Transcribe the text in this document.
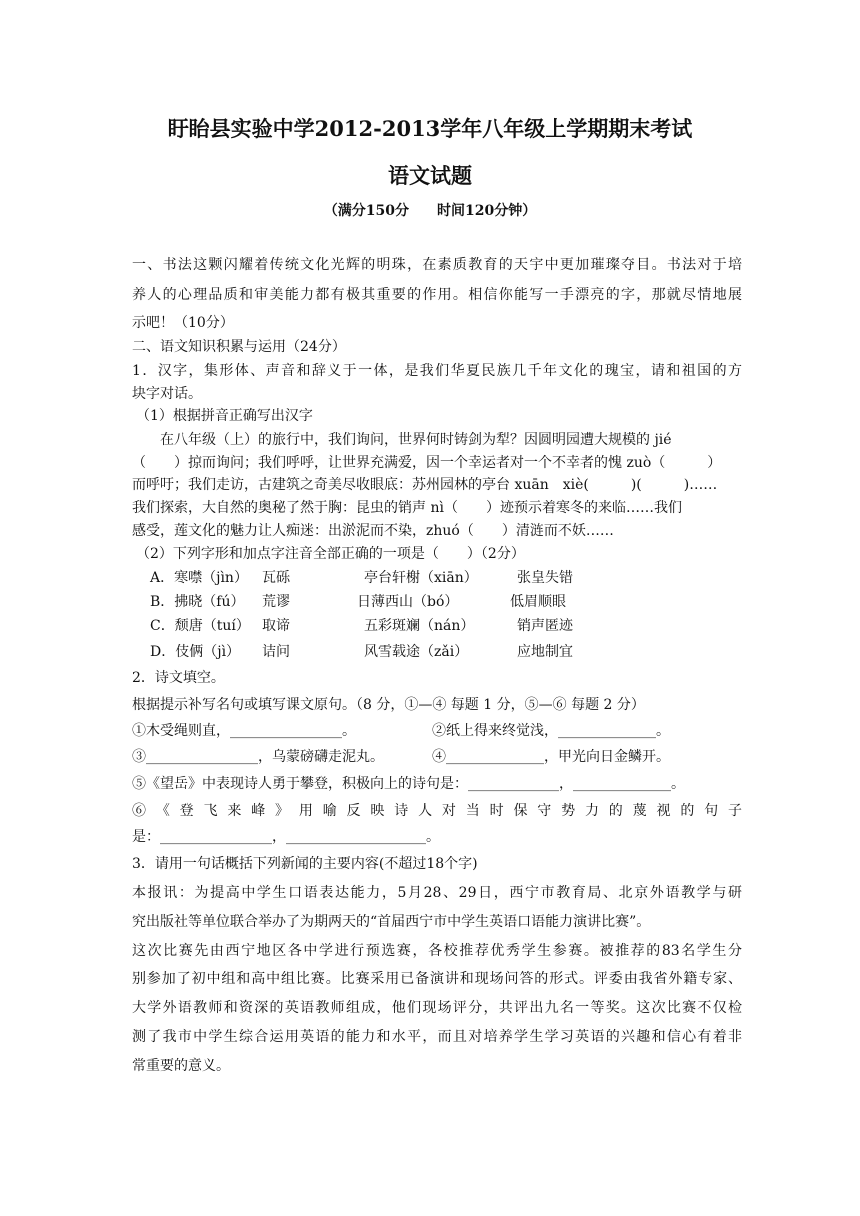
盱眙县实验中学2012-2013学年八年级上学期期末考试
语文试题
（满分150分　　时间120分钟）
一、书法这颗闪耀着传统文化光辉的明珠，在素质教育的天宇中更加璀璨夺目。书法对于培
养人的心理品质和审美能力都有极其重要的作用。相信你能写一手漂亮的字，那就尽情地展
示吧！（10分）
二、语文知识积累与运用（24分）
1．汉字，集形体、声音和辞义于一体，是我们华夏民族几千年文化的瑰宝，请和祖国的方
块字对话。
（1）根据拼音正确写出汉字
　　在八年级（上）的旅行中，我们询问，世界何时铸剑为犁？因圆明园遭大规模的 jié
（　　）掠而询问；我们呼呼，让世界充满爱，因一个幸运者对一个不幸者的愧 zuò（　　　）
而呼吁；我们走访，古建筑之奇美尽收眼底：苏州园林的亭台 xuān　xiè(　　　)(　　　)……
我们探索，大自然的奥秘了然于胸：昆虫的销声 nì（　　）迹预示着寒冬的来临……我们
感受，莲文化的魅力让人痴迷：出淤泥而不染，zhuó（　　）清涟而不妖……
（2）下列字形和加点字注音全部正确的一项是（　　）（2分）
A．寒噤（jìn） 瓦砾	亭台轩榭（xiān）	张皇失错
B．拂晓（fú） 荒谬	日薄西山（bó）	低眉顺眼
C．颓唐（tuí） 取谛	五彩斑斓（nán）	销声匿迹
D．伎俩（jì） 诘问	风雪载途（zǎi）	应地制宜
2．诗文填空。
根据提示补写名句或填写课文原句。（8 分，①—④ 每题 1 分，⑤—⑥ 每题 2 分）
①木受绳则直，________________。	②纸上得来终觉浅，______________。
③________________，乌蒙磅礴走泥丸。	④______________，甲光向日金鳞开。
⑤《望岳》中表现诗人勇于攀登，积极向上的诗句是：_____________，______________。
⑥《登飞来峰》用喻反映诗人对当时保守势力的蔑视的句子
是：________________，____________________。
3．请用一句话概括下列新闻的主要内容(不超过18个字)
本报讯：为提高中学生口语表达能力，5月28、29日，西宁市教育局、北京外语教学与研
究出版社等单位联合举办了为期两天的“首届西宁市中学生英语口语能力演讲比赛”。
这次比赛先由西宁地区各中学进行预选赛，各校推荐优秀学生参赛。被推荐的83名学生分
别参加了初中组和高中组比赛。比赛采用已备演讲和现场问答的形式。评委由我省外籍专家、
大学外语教师和资深的英语教师组成，他们现场评分，共评出九名一等奖。这次比赛不仅检
测了我市中学生综合运用英语的能力和水平，而且对培养学生学习英语的兴趣和信心有着非
常重要的意义。
